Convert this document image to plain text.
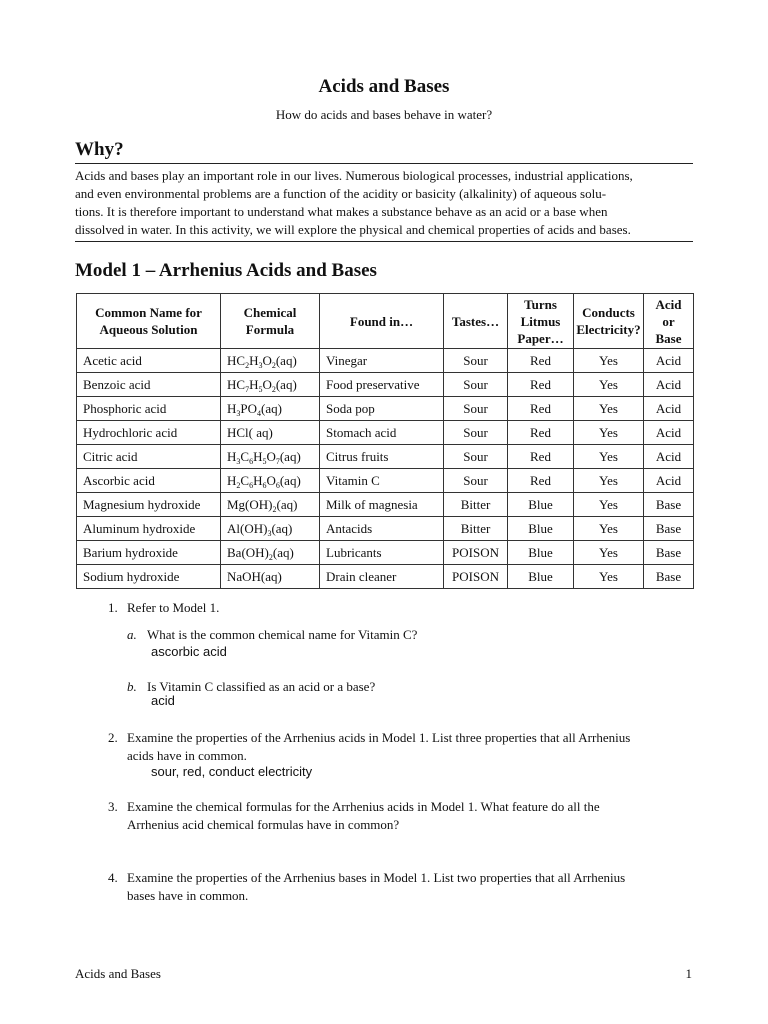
Acids and Bases
How do acids and bases behave in water?
Why?
Acids and bases play an important role in our lives. Numerous biological processes, industrial applications,
and even environmental problems are a function of the acidity or basicity (alkalinity) of aqueous solu-
tions. It is therefore important to understand what makes a substance behave as an acid or a base when
dissolved in water. In this activity, we will explore the physical and chemical properties of acids and bases.
Model 1 – Arrhenius Acids and Bases
Common Name for
Aqueous Solution	Chemical
Formula	Found in…	Tastes…	Turns
Litmus
Paper…	Conducts
Electricity?	Acid
or
Base
Acetic acid	$HC_2H_3O_2(aq)$	Vinegar	Sour	Red	Yes	Acid
Benzoic acid	$HC_7H_5O_2(aq)$	Food preservative	Sour	Red	Yes	Acid
Phosphoric acid	$H_3PO_4(aq)$	Soda pop	Sour	Red	Yes	Acid
Hydrochloric acid	HCl( aq)	Stomach acid	Sour	Red	Yes	Acid
Citric acid	$H_3C_6H_5O_7(aq)$	Citrus fruits	Sour	Red	Yes	Acid
Ascorbic acid	$H_2C_6H_6O_6(aq)$	Vitamin C	Sour	Red	Yes	Acid
Magnesium hydroxide	$Mg(OH)_2(aq)$	Milk of magnesia	Bitter	Blue	Yes	Base
Aluminum hydroxide	$Al(OH)_3(aq)$	Antacids	Bitter	Blue	Yes	Base
Barium hydroxide	$Ba(OH)_2(aq)$	Lubricants	POISON	Blue	Yes	Base
Sodium hydroxide	NaOH(aq)	Drain cleaner	POISON	Blue	Yes	Base
1. Refer to Model 1.
a. What is the common chemical name for Vitamin C?
ascorbic acid
b. Is Vitamin C classified as an acid or a base?
acid
2. Examine the properties of the Arrhenius acids in Model 1. List three properties that all Arrhenius
acids have in common.
sour, red, conduct electricity
3. Examine the chemical formulas for the Arrhenius acids in Model 1. What feature do all the
Arrhenius acid chemical formulas have in common?
4. Examine the properties of the Arrhenius bases in Model 1. List two properties that all Arrhenius
bases have in common.
Acids and Bases	1
